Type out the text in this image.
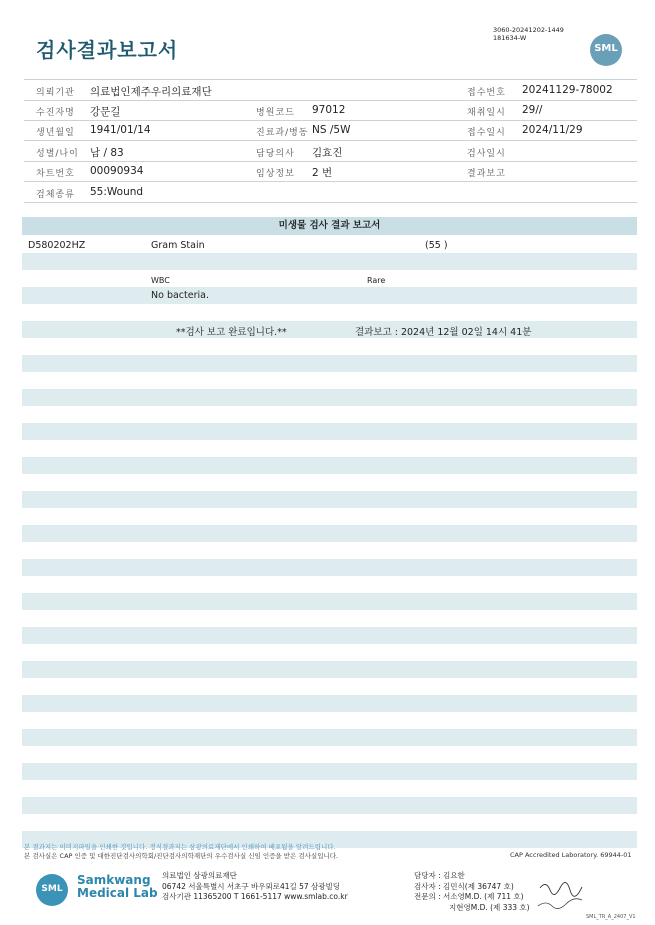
검사결과보고서
3060-20241202-1449
181634-W
SML
의뢰기관 의료법인제주우리의료재단	접수번호 20241129-78002
수진자명 강문길	병원코드 97012	채취일시 29//
생년월일 1941/01/14	진료과/병동 NS /5W	접수일시 2024/11/29
성별/나이 남 / 83	담당의사 김효진	검사일시
차트번호 00090934	임상정보 2 번	결과보고
검체종류 55:Wound
미생물 검사 결과 보고서
D580202HZ	Gram Stain	(55 )
WBC	Rare
No bacteria.
**검사 보고 완료입니다.**	결과보고 : 2024년 12월 02일 14시 41분
본 결과지는 이미지파일을 인쇄한 것입니다. 정식결과지는 삼광의료재단에서 인쇄하여 배포됨을 알려드립니다.
본 검사실은 CAP 인증 및 대한진단검사의학회/진단검사의학재단의 우수검사실 신임 인증을 받은 검사실입니다.	CAP Accredited Laboratory. 69944-01
SML
Samkwang
Medical Lab
의료법인 삼광의료재단
06742 서울특별시 서초구 바우뫼로41길 57 삼광빌딩
검사기관 11365200 T 1661-5117 www.smlab.co.kr
담당자 : 김요한
검사자 : 김민식(제 36747 호)
전문의 : 서소영M.D. (제 711 호)
지현영M.D. (제 333 호)
SML_TR_A_2407_V1
